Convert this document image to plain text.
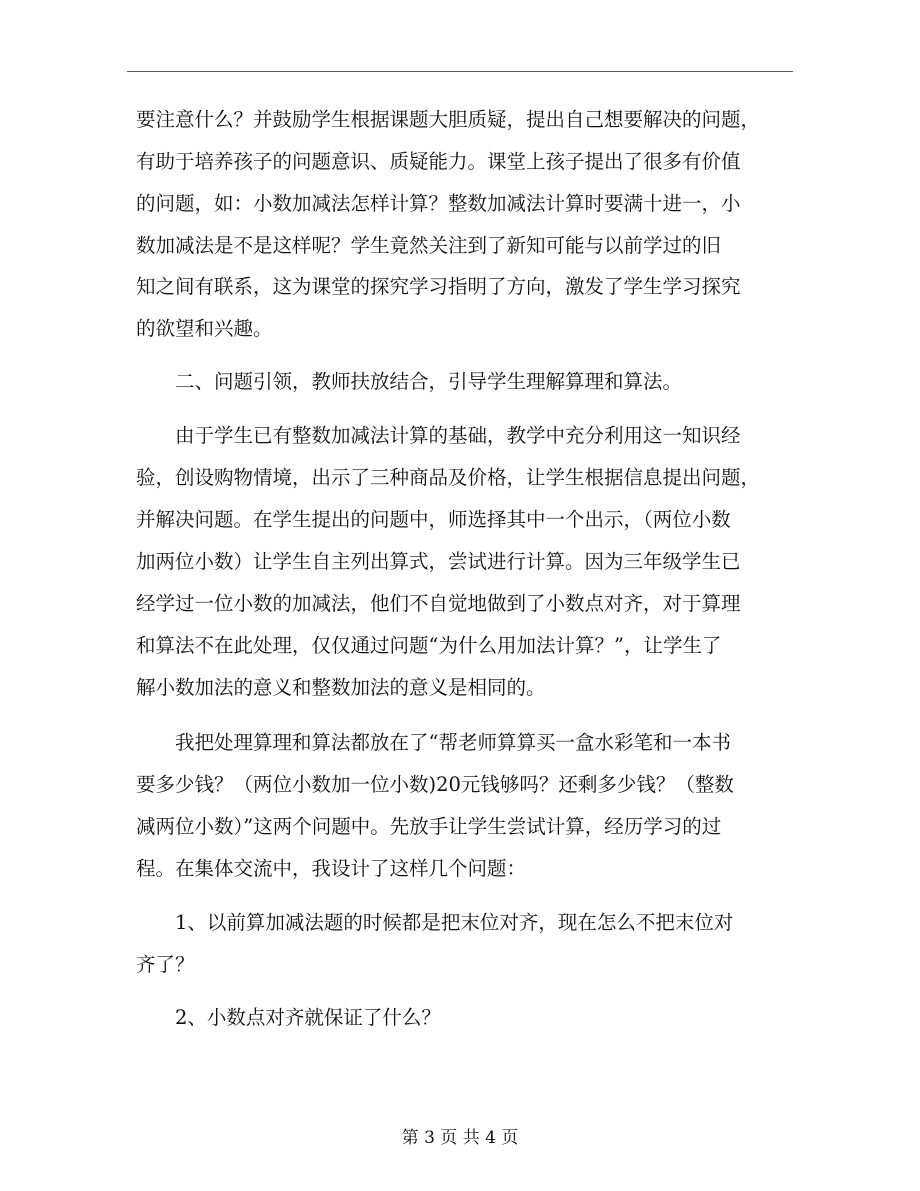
要注意什么？并鼓励学生根据课题大胆质疑，提出自己想要解决的问题，
有助于培养孩子的问题意识、质疑能力。课堂上孩子提出了很多有价值
的问题，如：小数加减法怎样计算？整数加减法计算时要满十进一，小
数加减法是不是这样呢？学生竟然关注到了新知可能与以前学过的旧
知之间有联系，这为课堂的探究学习指明了方向，激发了学生学习探究
的欲望和兴趣。
二、问题引领，教师扶放结合，引导学生理解算理和算法。
由于学生已有整数加减法计算的基础，教学中充分利用这一知识经
验，创设购物情境，出示了三种商品及价格，让学生根据信息提出问题，
并解决问题。在学生提出的问题中，师选择其中一个出示，（两位小数
加两位小数）让学生自主列出算式，尝试进行计算。因为三年级学生已
经学过一位小数的加减法，他们不自觉地做到了小数点对齐，对于算理
和算法不在此处理，仅仅通过问题“为什么用加法计算？”，让学生了
解小数加法的意义和整数加法的意义是相同的。
我把处理算理和算法都放在了“帮老师算算买一盒水彩笔和一本书
要多少钱？（两位小数加一位小数)20元钱够吗？还剩多少钱？（整数
减两位小数）”这两个问题中。先放手让学生尝试计算，经历学习的过
程。在集体交流中，我设计了这样几个问题：
1、以前算加减法题的时候都是把末位对齐，现在怎么不把末位对
齐了？
2、小数点对齐就保证了什么？
第 3 页 共 4 页
